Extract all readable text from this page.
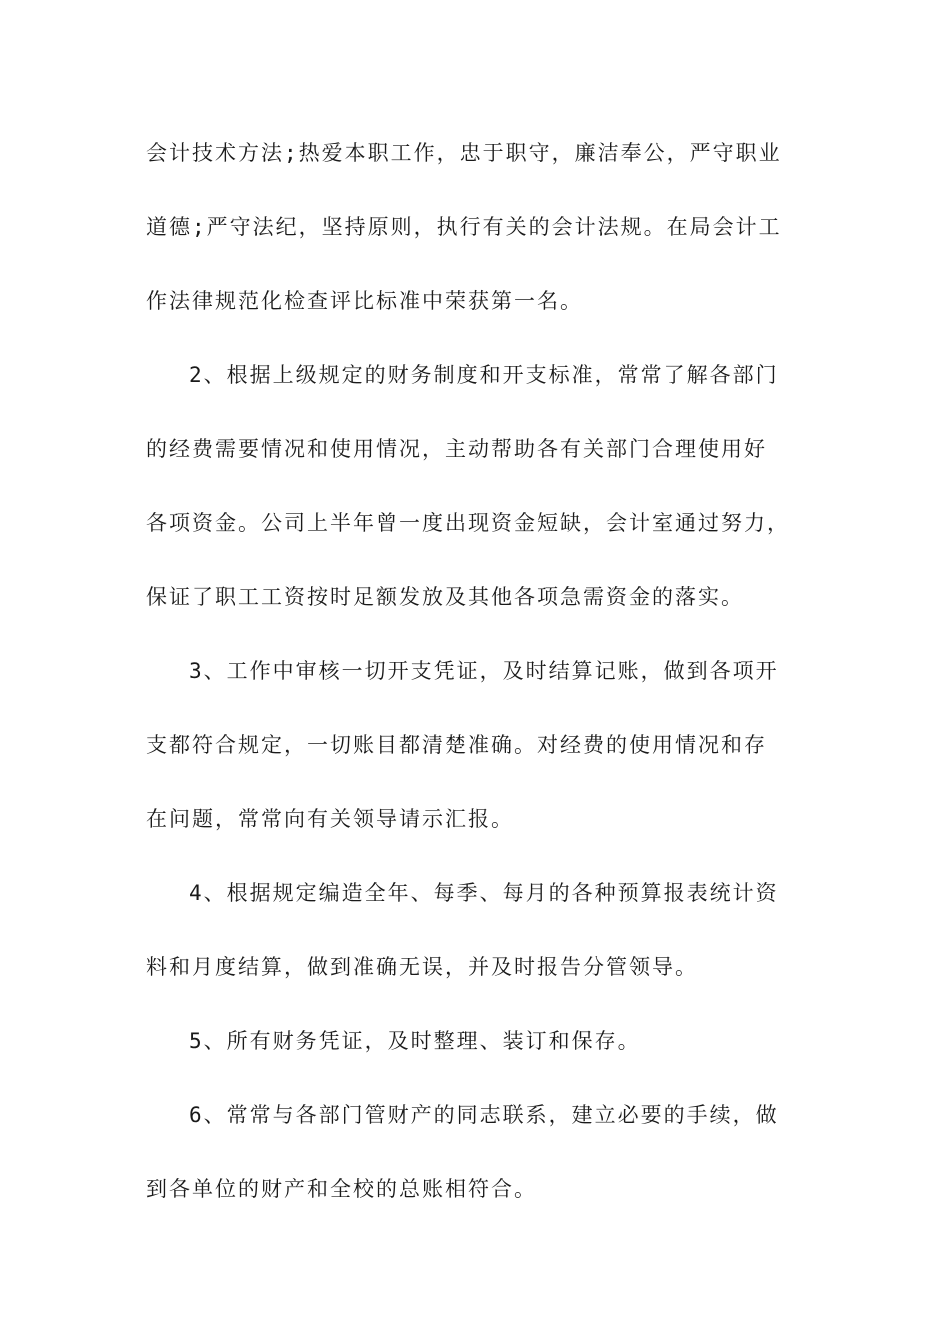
会计技术方法;热爱本职工作，忠于职守，廉洁奉公，严守职业

道德;严守法纪，坚持原则，执行有关的会计法规。在局会计工

作法律规范化检查评比标准中荣获第一名。

2、根据上级规定的财务制度和开支标准，常常了解各部门

的经费需要情况和使用情况，主动帮助各有关部门合理使用好

各项资金。公司上半年曾一度出现资金短缺，会计室通过努力，

保证了职工工资按时足额发放及其他各项急需资金的落实。

3、工作中审核一切开支凭证，及时结算记账，做到各项开

支都符合规定，一切账目都清楚准确。对经费的使用情况和存

在问题，常常向有关领导请示汇报。

4、根据规定编造全年、每季、每月的各种预算报表统计资

料和月度结算，做到准确无误，并及时报告分管领导。

5、所有财务凭证，及时整理、装订和保存。

6、常常与各部门管财产的同志联系，建立必要的手续，做

到各单位的财产和全校的总账相符合。
